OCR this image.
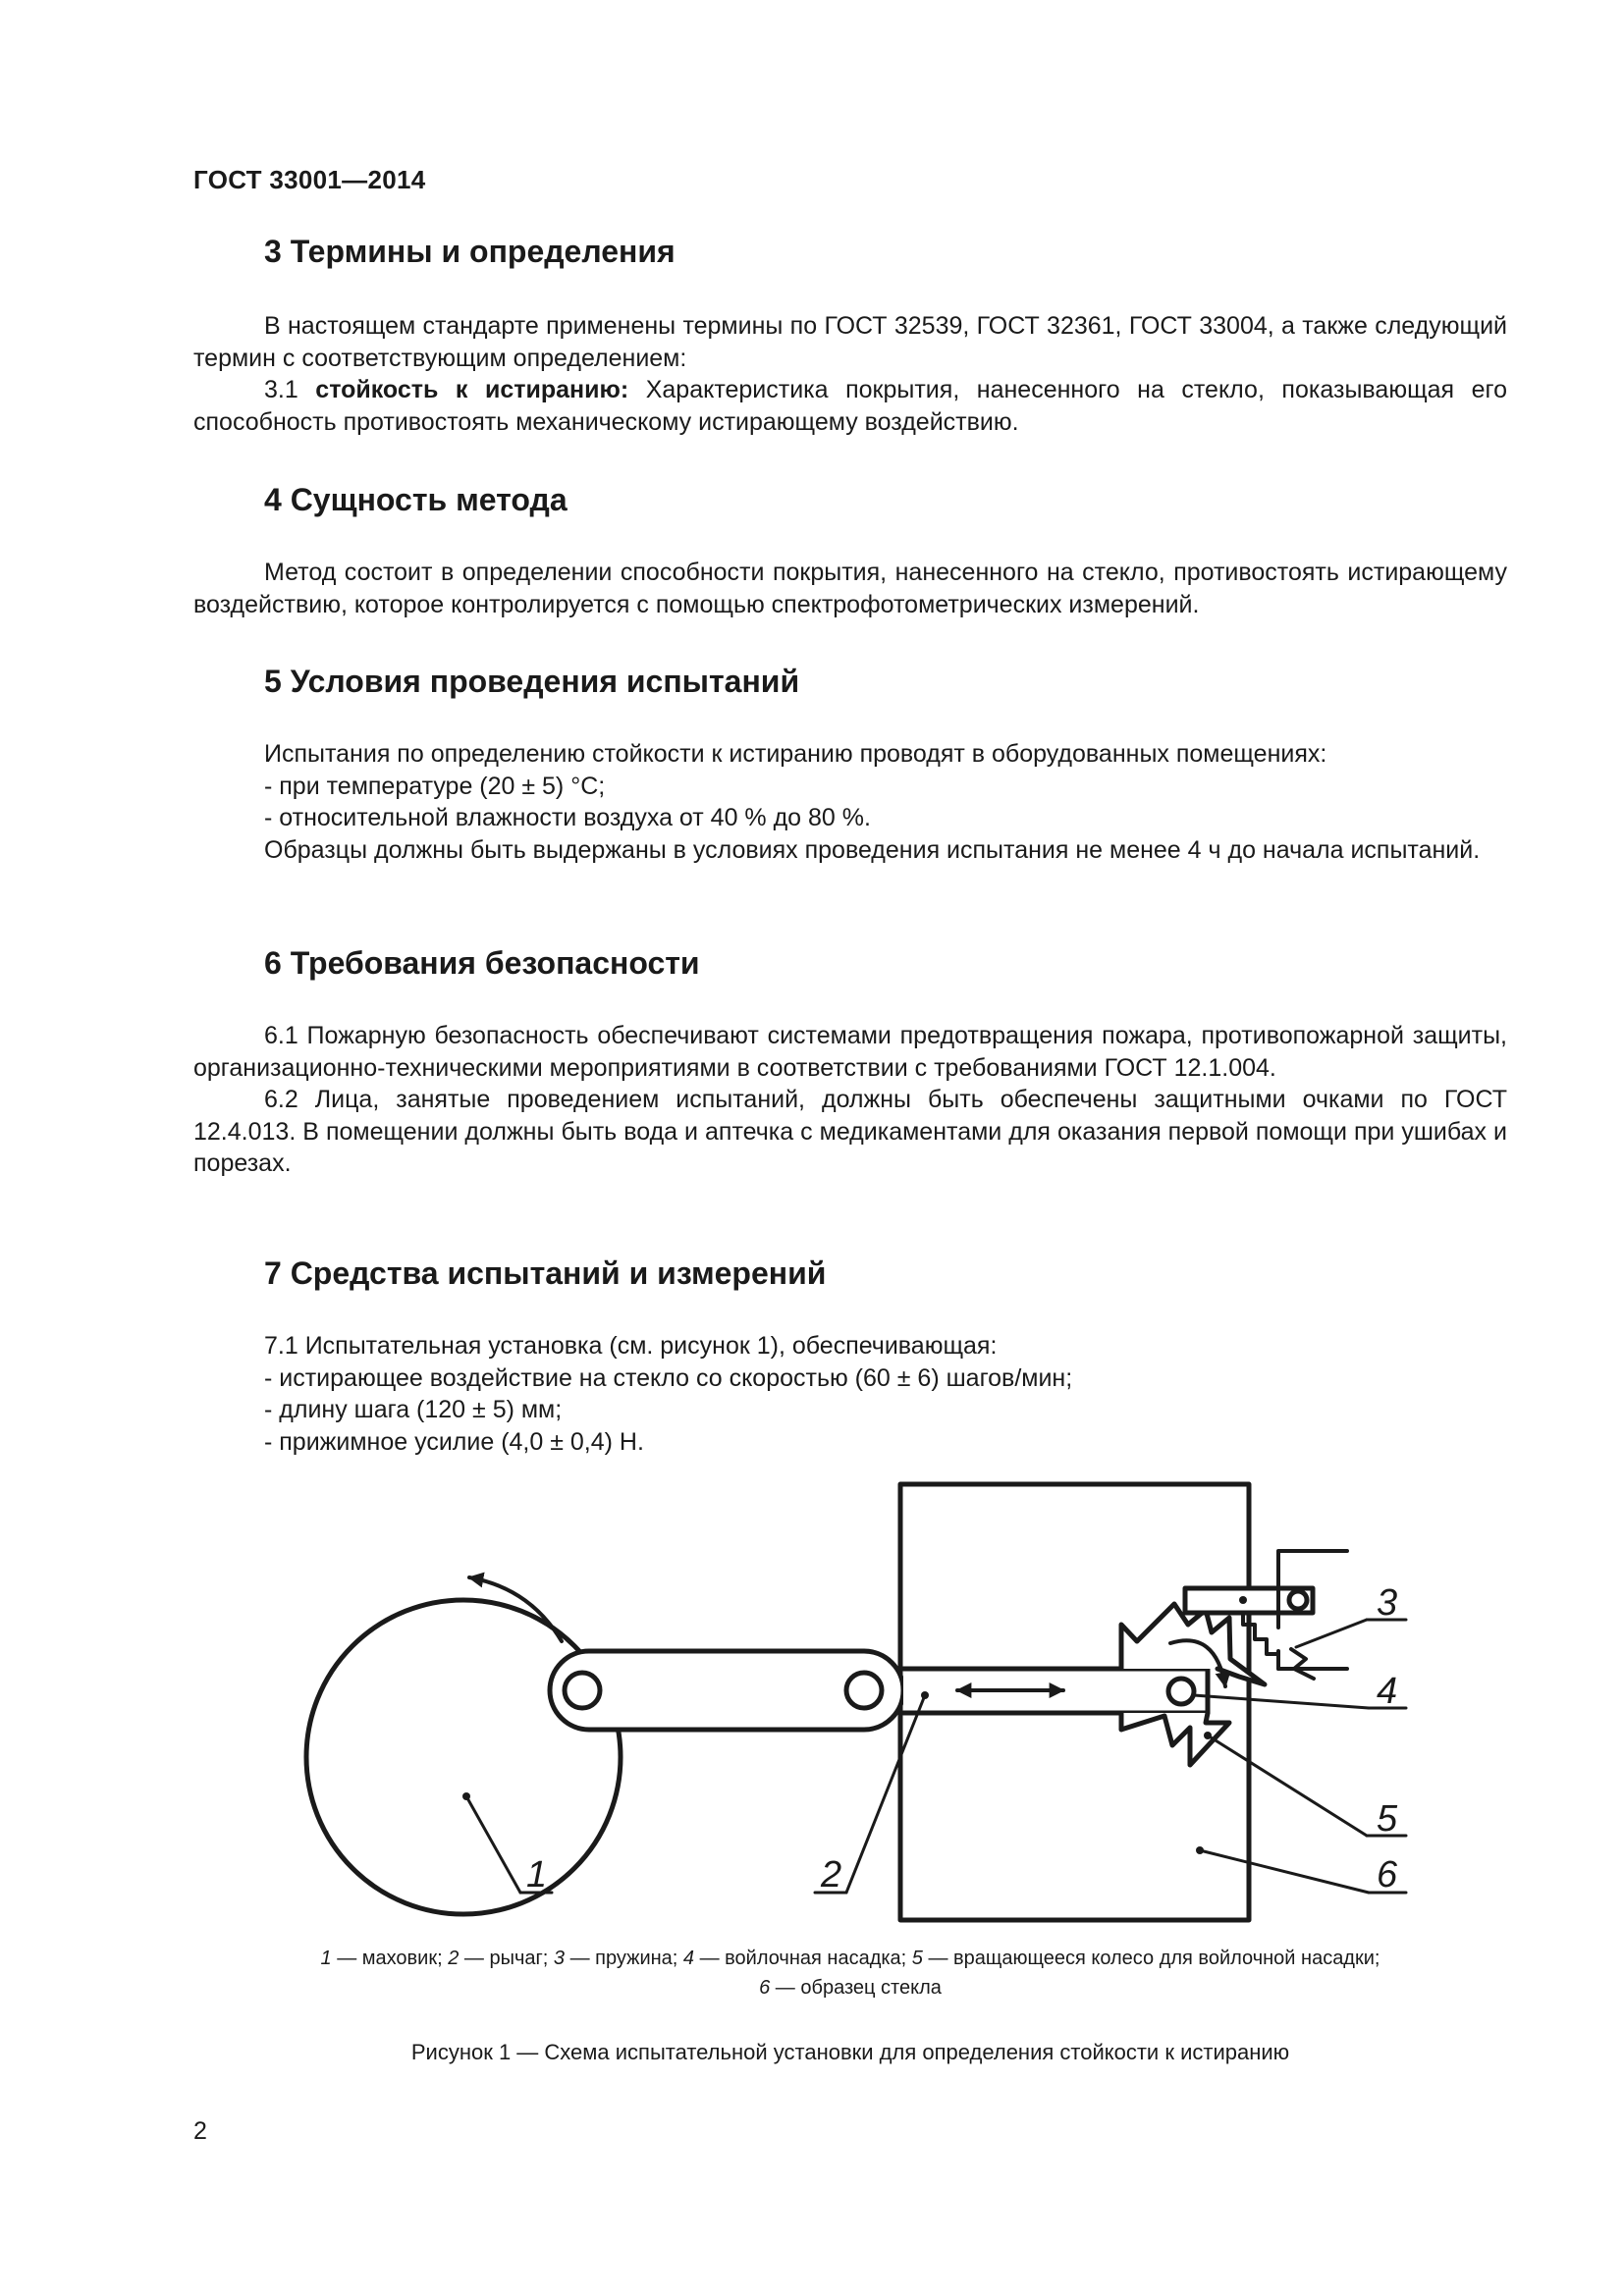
ГОСТ 33001—2014
3 Термины и определения

В настоящем стандарте применены термины по ГОСТ 32539, ГОСТ 32361, ГОСТ 33004, а также следующий термин с соответствующим определением:

3.1 стойкость к истиранию: Характеристика покрытия, нанесенного на стекло, показывающая его способность противостоять механическому истирающему воздействию.

4 Сущность метода

Метод состоит в определении способности покрытия, нанесенного на стекло, противостоять истирающему воздействию, которое контролируется с помощью спектрофотометрических измерений.

5 Условия проведения испытаний

Испытания по определению стойкости к истиранию проводят в оборудованных помещениях:

- при температуре (20 ± 5) °С;

- относительной влажности воздуха от 40 % до 80 %.

Образцы должны быть выдержаны в условиях проведения испытания не менее 4 ч до начала испытаний.

6 Требования безопасности

6.1 Пожарную безопасность обеспечивают системами предотвращения пожара, противопожарной защиты, организационно-техническими мероприятиями в соответствии с требованиями ГОСТ 12.1.004.

6.2 Лица, занятые проведением испытаний, должны быть обеспечены защитными очками по ГОСТ 12.4.013. В помещении должны быть вода и аптечка с медикаментами для оказания первой помощи при ушибах и порезах.

7 Средства испытаний и измерений

7.1 Испытательная установка (см. рисунок 1), обеспечивающая:

- истирающее воздействие на стекло со скоростью (60 ± 6) шагов/мин;

- длину шага (120 ± 5) мм;

- прижимное усилие (4,0 ± 0,4) Н.

1	2
3
4
5
6
1 — маховик; 2 — рычаг; 3 — пружина; 4 — войлочная насадка; 5 — вращающееся колесо для войлочной насадки;
6 — образец стекла
Рисунок 1 — Схема испытательной установки для определения стойкости к истиранию
2
